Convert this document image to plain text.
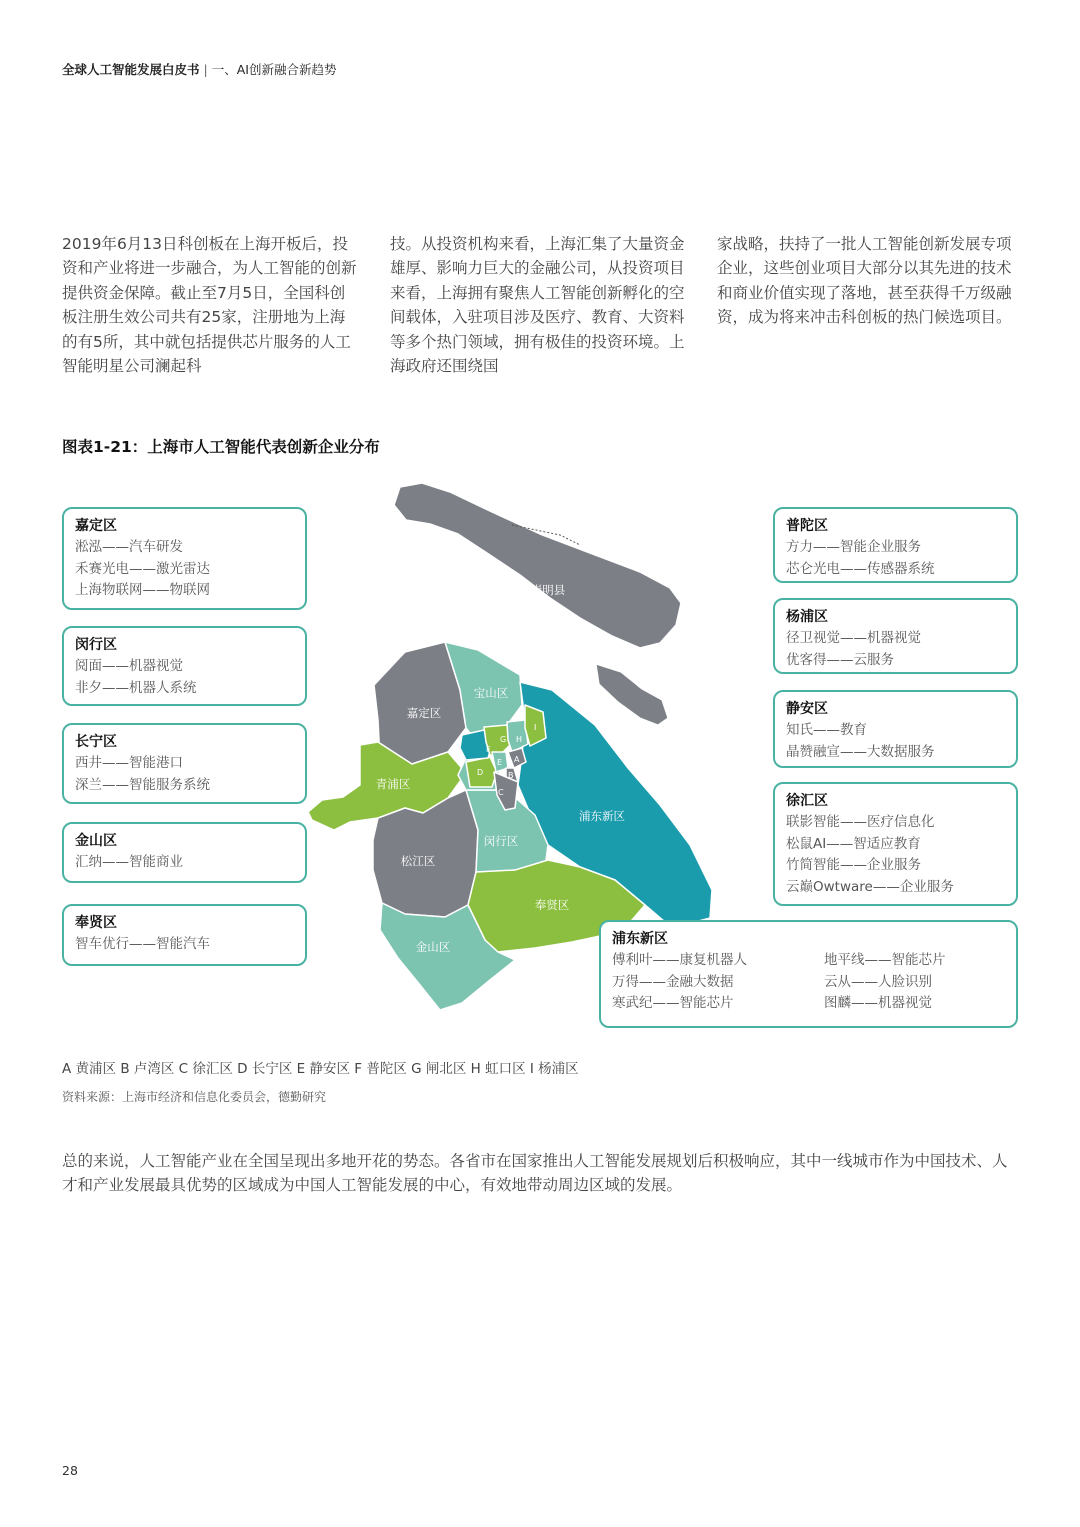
全球人工智能发展白皮书 | 一、AI创新融合新趋势
2019年6月13日科创板在上海开板后，投资和产业将进一步融合，为人工智能的创新提供资金保障。截止至7月5日，全国科创板注册生效公司共有25家，注册地为上海的有5所，其中就包括提供芯片服务的人工智能明星公司澜起科
技。从投资机构来看，上海汇集了大量资金雄厚、影响力巨大的金融公司，从投资项目来看，上海拥有聚焦人工智能创新孵化的空间载体，入驻项目涉及医疗、教育、大资料等多个热门领域，拥有极佳的投资环境。上海政府还围绕国
家战略，扶持了一批人工智能创新发展专项企业，这些创业项目大部分以其先进的技术和商业价值实现了落地，甚至获得千万级融资，成为将来冲击科创板的热门候选项目。
图表1-21：上海市人工智能代表创新企业分布
崇明县
宝山区
嘉定区
青浦区
松江区
闵行区
浦东新区
奉贤区
金山区
F
G H
I
D
E A
B
C
嘉定区
淞泓——汽车研发
禾赛光电——激光雷达
上海物联网——物联网
闵行区
阅面——机器视觉
非夕——机器人系统
长宁区
西井——智能港口
深兰——智能服务系统
金山区
汇纳——智能商业
奉贤区
智车优行——智能汽车
普陀区
方力——智能企业服务
芯仑光电——传感器系统
杨浦区
径卫视觉——机器视觉
优客得——云服务
静安区
知氏——教育
晶赞融宣——大数据服务
徐汇区
联影智能——医疗信息化
松鼠AI——智适应教育
竹简智能——企业服务
云巅Owtware——企业服务
浦东新区
傅利叶——康复机器人	地平线——智能芯片
万得——金融大数据	云从——人脸识别
寒武纪——智能芯片	图麟——机器视觉
A 黄浦区 B 卢湾区 C 徐汇区 D 长宁区 E 静安区 F 普陀区 G 闸北区 H 虹口区 I 杨浦区
资料来源：上海市经济和信息化委员会，德勤研究
总的来说，人工智能产业在全国呈现出多地开花的势态。各省市在国家推出人工智能发展规划后积极响应，其中一线城市作为中国技术、人才和产业发展最具优势的区域成为中国人工智能发展的中心，有效地带动周边区域的发展。
28
